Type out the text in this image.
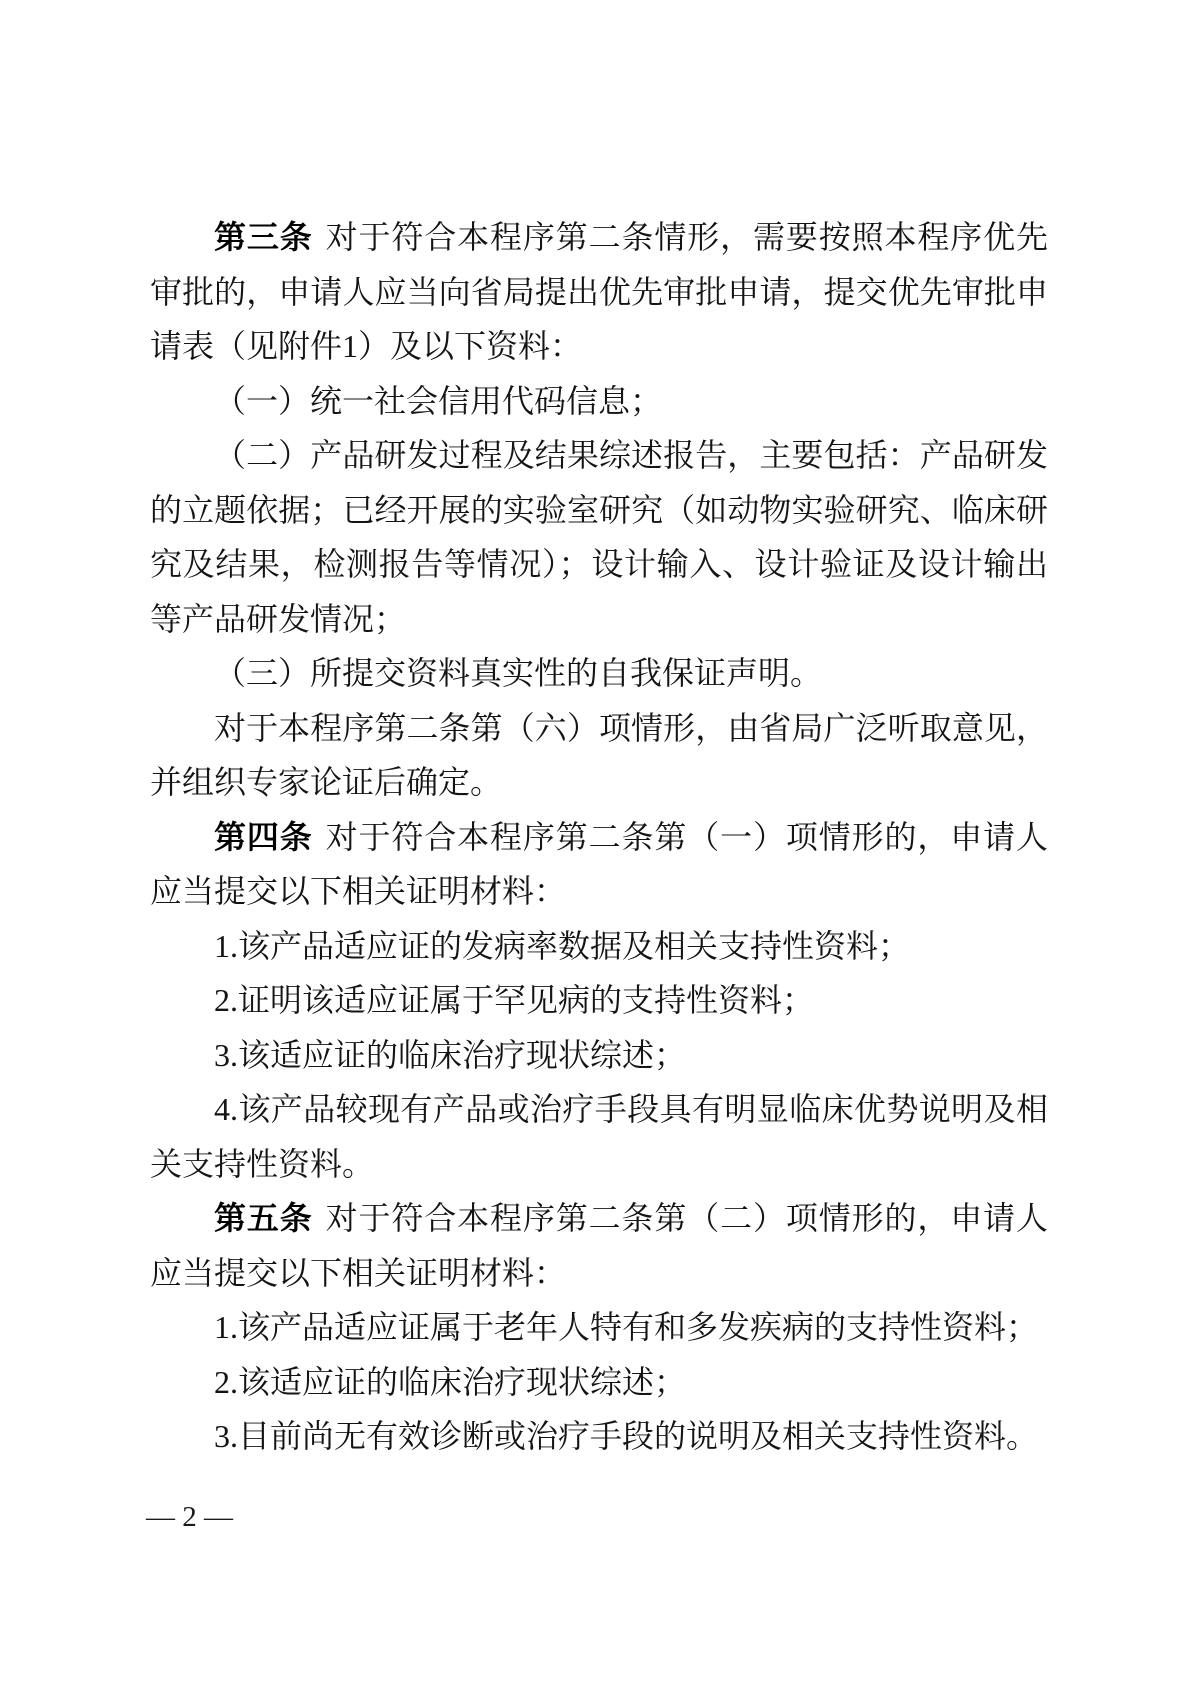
第三条 对于符合本程序第二条情形，需要按照本程序优先审批的，申请人应当向省局提出优先审批申请，提交优先审批申请表（见附件1）及以下资料：

（一）统一社会信用代码信息；

（二）产品研发过程及结果综述报告，主要包括：产品研发的立题依据；已经开展的实验室研究（如动物实验研究、临床研究及结果，检测报告等情况）；设计输入、设计验证及设计输出等产品研发情况；

（三）所提交资料真实性的自我保证声明。

对于本程序第二条第（六）项情形，由省局广泛听取意见，并组织专家论证后确定。

第四条 对于符合本程序第二条第（一）项情形的，申请人应当提交以下相关证明材料：

1.该产品适应证的发病率数据及相关支持性资料；

2.证明该适应证属于罕见病的支持性资料；

3.该适应证的临床治疗现状综述；

4.该产品较现有产品或治疗手段具有明显临床优势说明及相关支持性资料。

第五条 对于符合本程序第二条第（二）项情形的，申请人应当提交以下相关证明材料：

1.该产品适应证属于老年人特有和多发疾病的支持性资料；

2.该适应证的临床治疗现状综述；

3.目前尚无有效诊断或治疗手段的说明及相关支持性资料。

— 2 —
